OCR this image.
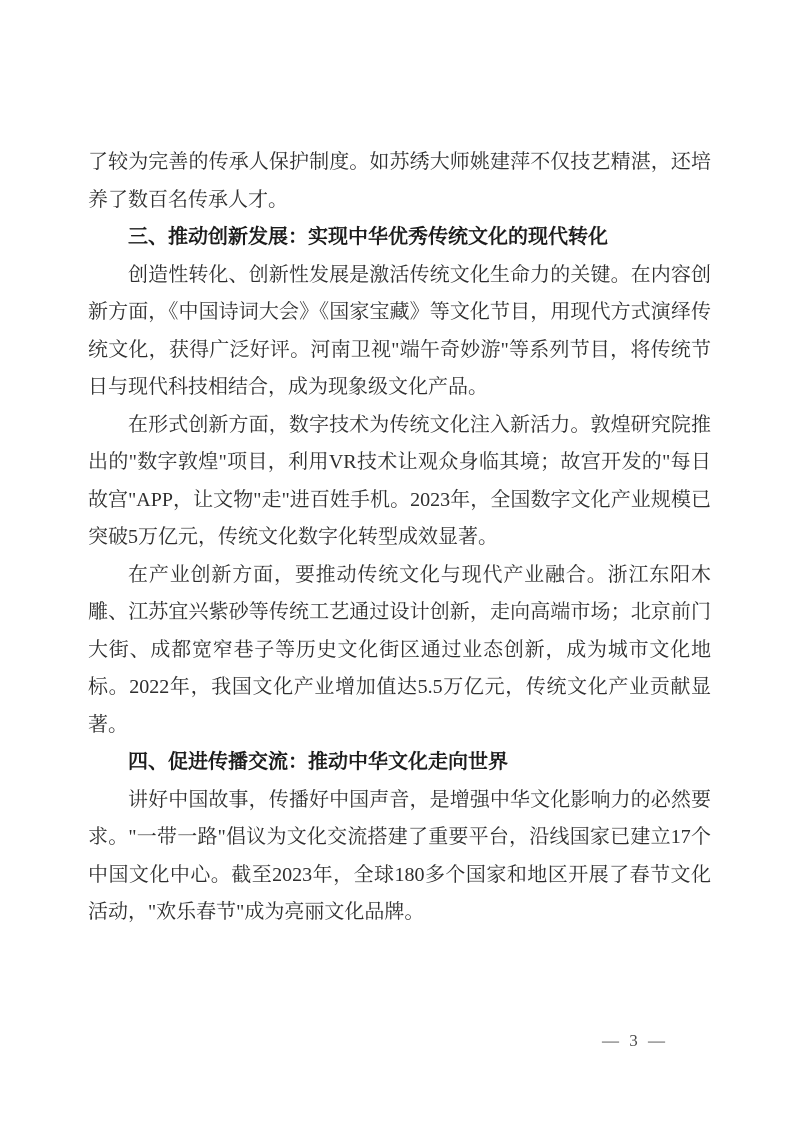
了较为完善的传承人保护制度。如苏绣大师姚建萍不仅技艺精湛，还培养了数百名传承人才。

三、推动创新发展：实现中华优秀传统文化的现代转化

创造性转化、创新性发展是激活传统文化生命力的关键。在内容创新方面，《中国诗词大会》《国家宝藏》等文化节目，用现代方式演绎传统文化，获得广泛好评。河南卫视"端午奇妙游"等系列节目，将传统节日与现代科技相结合，成为现象级文化产品。

在形式创新方面，数字技术为传统文化注入新活力。敦煌研究院推出的"数字敦煌"项目，利用VR技术让观众身临其境；故宫开发的"每日故宫"APP，让文物"走"进百姓手机。2023年，全国数字文化产业规模已突破5万亿元，传统文化数字化转型成效显著。

在产业创新方面，要推动传统文化与现代产业融合。浙江东阳木雕、江苏宜兴紫砂等传统工艺通过设计创新，走向高端市场；北京前门大街、成都宽窄巷子等历史文化街区通过业态创新，成为城市文化地标。2022年，我国文化产业增加值达5.5万亿元，传统文化产业贡献显著。

四、促进传播交流：推动中华文化走向世界

讲好中国故事，传播好中国声音，是增强中华文化影响力的必然要求。"一带一路"倡议为文化交流搭建了重要平台，沿线国家已建立17个中国文化中心。截至2023年，全球180多个国家和地区开展了春节文化活动，"欢乐春节"成为亮丽文化品牌。

— 3 —
